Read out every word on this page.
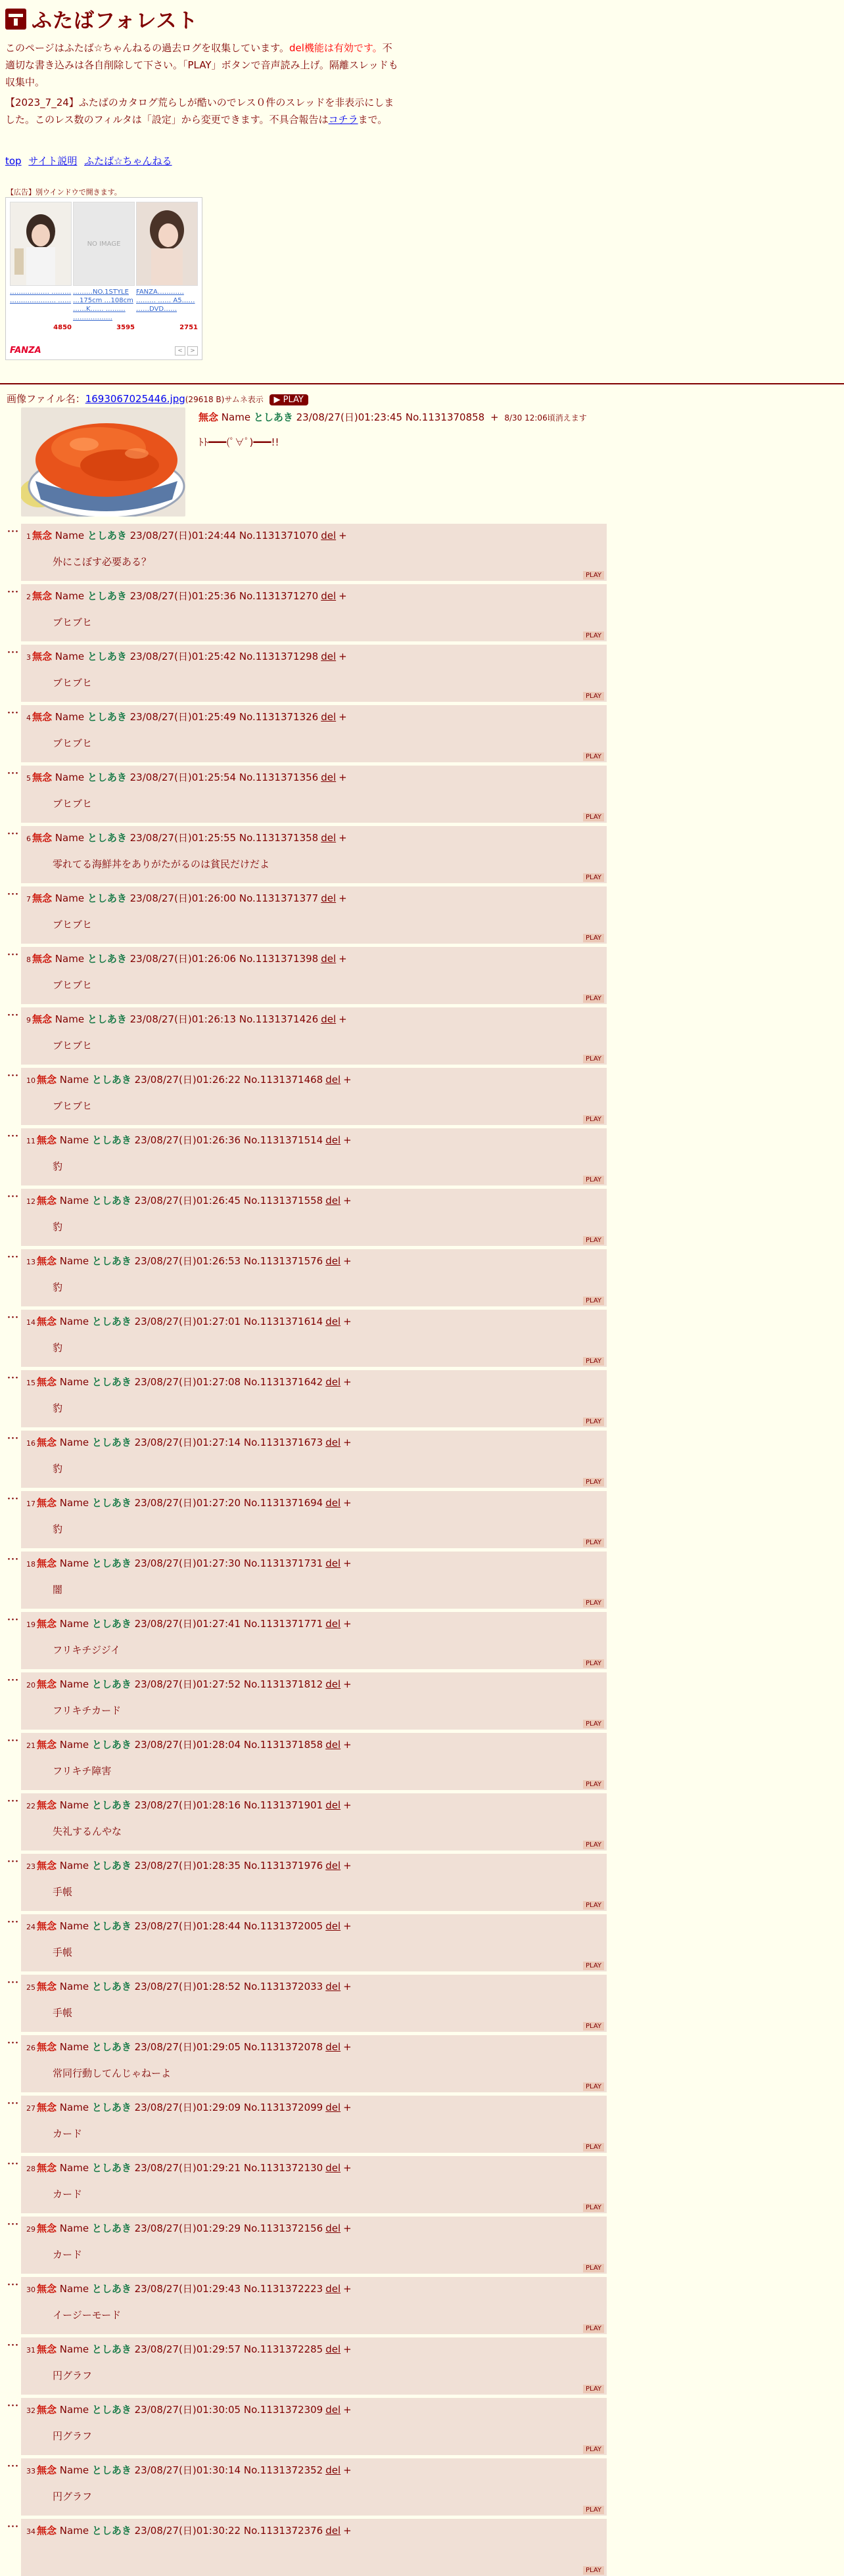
ふたばフォレスト
このページはふたば☆ちゃんねるの過去ログを収集しています。del機能は有効です。不適切な書き込みは各自削除して下さい。「PLAY」ボタンで音声読み上げ。隔離スレッドも収集中。
【2023_7_24】ふたばのカタログ荒らしが酷いのでレス０件のスレッドを非表示にしました。このレス数のフィルタは「設定」から変更できます。不具合報告はコチラまで。
top サイト説明 ふたば☆ちゃんねる
【広告】別ウインドウで開きます。
……………… ……… ………………… ……
4850
NO IMAGE
………NO.1STYLE …175cm …108cm ……K…… ……… ………………
3595
FANZA………… ……… …… A5…… ……DVD……
2751
FANZA	<	>
画像ファイル名：1693067025446.jpg(29618 B)サムネ表示 ▶ PLAY
無念 Name としあき 23/08/27(日)01:23:45 No.1131370858 + 8/30 12:06頃消えます
ﾄﾄ━━━(ﾟ∀ﾟ)━━━!!
･･･ 1 無念 Name としあき 23/08/27(日)01:24:44 No.1131371070 del +
外にこぼす必要ある？
PLAY
･･･ 2 無念 Name としあき 23/08/27(日)01:25:36 No.1131371270 del +
ブヒブヒ
PLAY
･･･ 3 無念 Name としあき 23/08/27(日)01:25:42 No.1131371298 del +
ブヒブヒ
PLAY
･･･ 4 無念 Name としあき 23/08/27(日)01:25:49 No.1131371326 del +
ブヒブヒ
PLAY
･･･ 5 無念 Name としあき 23/08/27(日)01:25:54 No.1131371356 del +
ブヒブヒ
PLAY
･･･ 6 無念 Name としあき 23/08/27(日)01:25:55 No.1131371358 del +
零れてる海鮮丼をありがたがるのは貧民だけだよ
PLAY
･･･ 7 無念 Name としあき 23/08/27(日)01:26:00 No.1131371377 del +
ブヒブヒ
PLAY
･･･ 8 無念 Name としあき 23/08/27(日)01:26:06 No.1131371398 del +
ブヒブヒ
PLAY
･･･ 9 無念 Name としあき 23/08/27(日)01:26:13 No.1131371426 del +
ブヒブヒ
PLAY
･･･ 10 無念 Name としあき 23/08/27(日)01:26:22 No.1131371468 del +
ブヒブヒ
PLAY
･･･ 11 無念 Name としあき 23/08/27(日)01:26:36 No.1131371514 del +
豹
PLAY
･･･ 12 無念 Name としあき 23/08/27(日)01:26:45 No.1131371558 del +
豹
PLAY
･･･ 13 無念 Name としあき 23/08/27(日)01:26:53 No.1131371576 del +
豹
PLAY
･･･ 14 無念 Name としあき 23/08/27(日)01:27:01 No.1131371614 del +
豹
PLAY
･･･ 15 無念 Name としあき 23/08/27(日)01:27:08 No.1131371642 del +
豹
PLAY
･･･ 16 無念 Name としあき 23/08/27(日)01:27:14 No.1131371673 del +
豹
PLAY
･･･ 17 無念 Name としあき 23/08/27(日)01:27:20 No.1131371694 del +
豹
PLAY
･･･ 18 無念 Name としあき 23/08/27(日)01:27:30 No.1131371731 del +
闇
PLAY
･･･ 19 無念 Name としあき 23/08/27(日)01:27:41 No.1131371771 del +
フリキチジジイ
PLAY
･･･ 20 無念 Name としあき 23/08/27(日)01:27:52 No.1131371812 del +
フリキチカード
PLAY
･･･ 21 無念 Name としあき 23/08/27(日)01:28:04 No.1131371858 del +
フリキチ障害
PLAY
･･･ 22 無念 Name としあき 23/08/27(日)01:28:16 No.1131371901 del +
失礼するんやな
PLAY
･･･ 23 無念 Name としあき 23/08/27(日)01:28:35 No.1131371976 del +
手帳
PLAY
･･･ 24 無念 Name としあき 23/08/27(日)01:28:44 No.1131372005 del +
手帳
PLAY
･･･ 25 無念 Name としあき 23/08/27(日)01:28:52 No.1131372033 del +
手帳
PLAY
･･･ 26 無念 Name としあき 23/08/27(日)01:29:05 No.1131372078 del +
常同行動してんじゃねーよ
PLAY
･･･ 27 無念 Name としあき 23/08/27(日)01:29:09 No.1131372099 del +
カード
PLAY
･･･ 28 無念 Name としあき 23/08/27(日)01:29:21 No.1131372130 del +
カード
PLAY
･･･ 29 無念 Name としあき 23/08/27(日)01:29:29 No.1131372156 del +
カード
PLAY
･･･ 30 無念 Name としあき 23/08/27(日)01:29:43 No.1131372223 del +
イージーモード
PLAY
･･･ 31 無念 Name としあき 23/08/27(日)01:29:57 No.1131372285 del +
円グラフ
PLAY
･･･ 32 無念 Name としあき 23/08/27(日)01:30:05 No.1131372309 del +
円グラフ
PLAY
･･･ 33 無念 Name としあき 23/08/27(日)01:30:14 No.1131372352 del +
円グラフ
PLAY
･･･ 34 無念 Name としあき 23/08/27(日)01:30:22 No.1131372376 del +
PLAY
